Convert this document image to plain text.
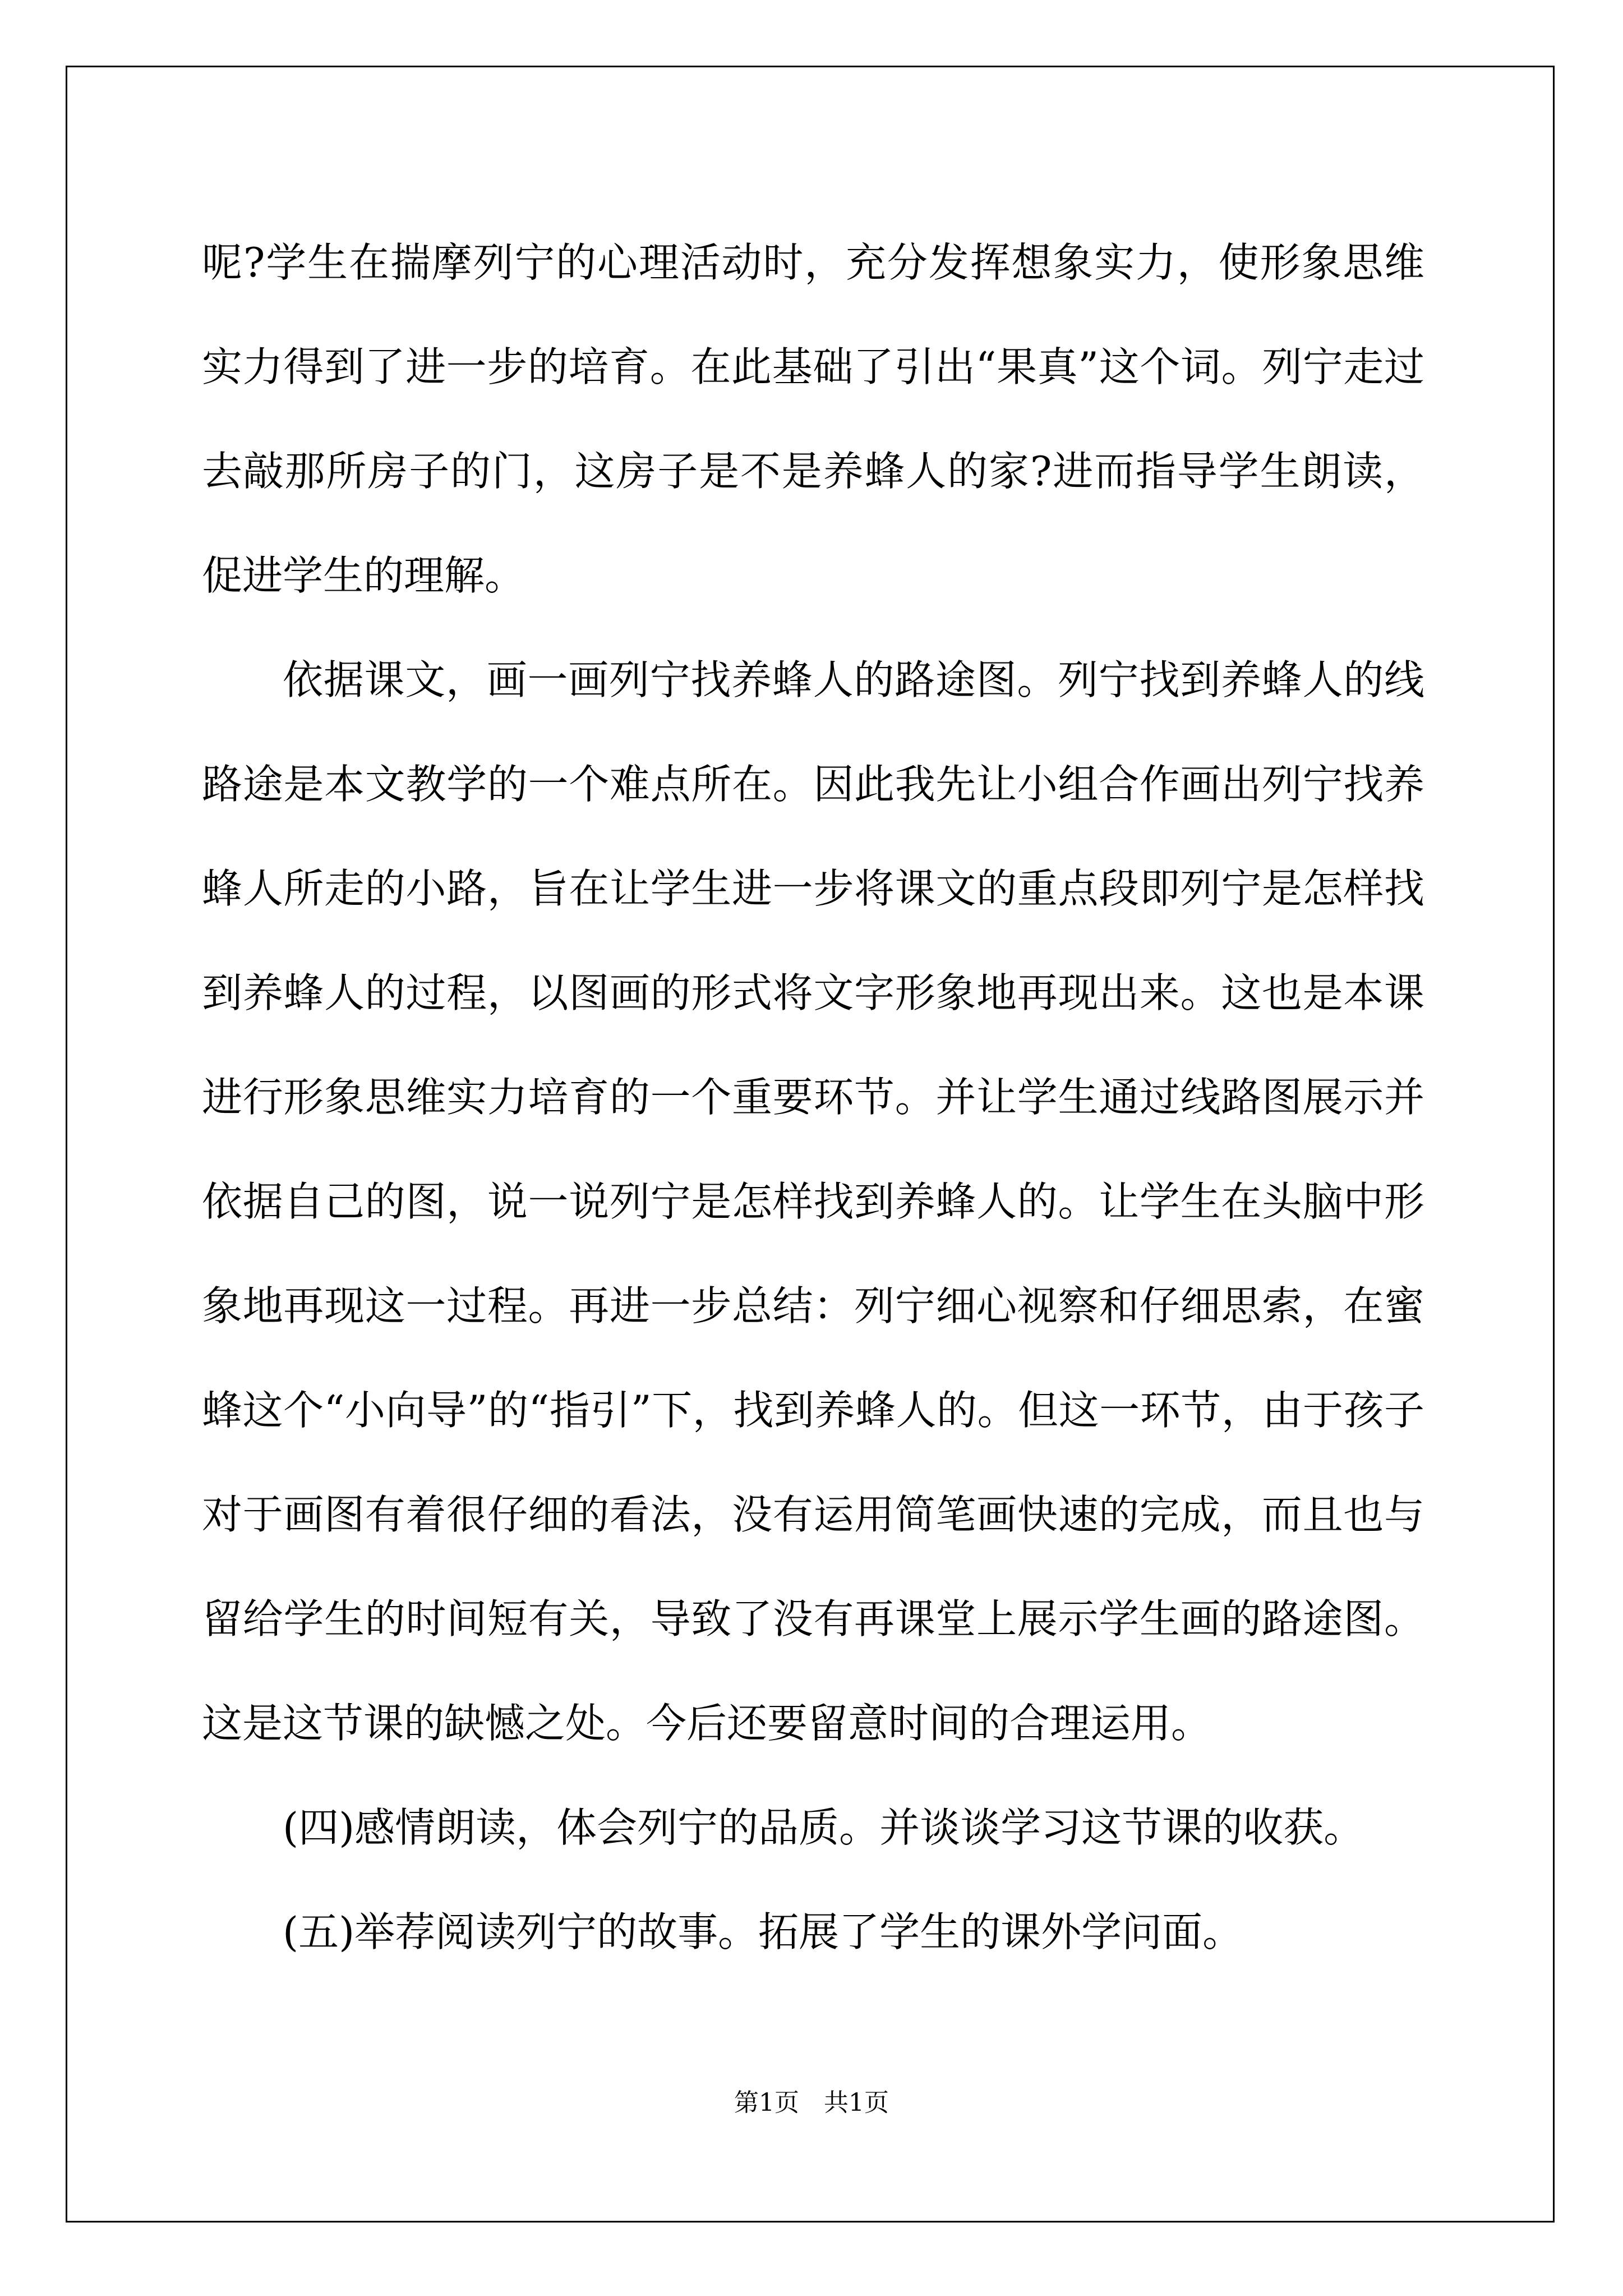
呢?学生在揣摩列宁的心理活动时，充分发挥想象实力，使形象思维实力得到了进一步的培育。在此基础了引出“果真”这个词。列宁走过去敲那所房子的门，这房子是不是养蜂人的家?进而指导学生朗读，促进学生的理解。

依据课文，画一画列宁找养蜂人的路途图。列宁找到养蜂人的线路途是本文教学的一个难点所在。因此我先让小组合作画出列宁找养蜂人所走的小路，旨在让学生进一步将课文的重点段即列宁是怎样找到养蜂人的过程，以图画的形式将文字形象地再现出来。这也是本课进行形象思维实力培育的一个重要环节。并让学生通过线路图展示并依据自己的图，说一说列宁是怎样找到养蜂人的。让学生在头脑中形象地再现这一过程。再进一步总结：列宁细心视察和仔细思索，在蜜蜂这个“小向导”的“指引”下，找到养蜂人的。但这一环节，由于孩子对于画图有着很仔细的看法，没有运用简笔画快速的完成，而且也与留给学生的时间短有关，导致了没有再课堂上展示学生画的路途图。这是这节课的缺憾之处。今后还要留意时间的合理运用。

(四)感情朗读，体会列宁的品质。并谈谈学习这节课的收获。

(五)举荐阅读列宁的故事。拓展了学生的课外学问面。

第1页　共1页
